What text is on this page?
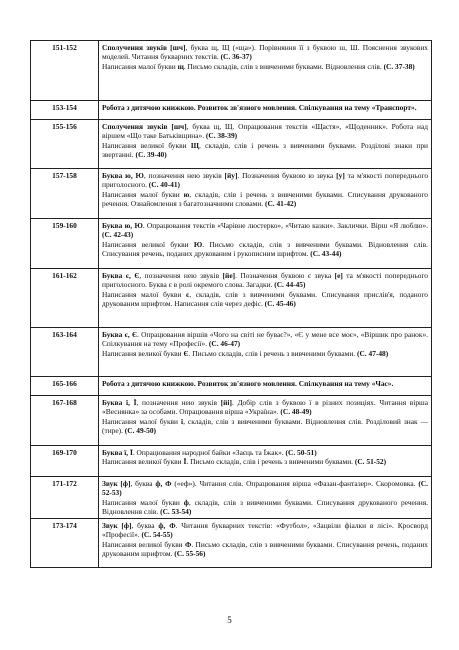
151-152	Сполучення звуків [шч], буква щ, Щ («ща»). Порівняння її з буквою ш, Ш. Пояснення звукових моделей. Читання букварних текстів. (С. 36-37)

Написання малої букви щ. Письмо складів, слів з вивченими буквами. Відновлення слів. (С. 37-38)

153-154	Робота з дитячою книжкою. Розвиток зв'язного мовлення. Спілкування на тему «Транспорт».

155-156	Сполучення звуків [шч], буква щ, Щ. Опрацювання текстів «Щастя», «Щоденник». Робота над віршем «Що таке Батьківщина». (С. 38-39)

Написання великої букви Щ, складів, слів і речень з вивченими буквами. Розділові знаки при звертанні. (С. 39-40)

157-158	Буква ю, Ю, позначення нею звуків [йу]. Позначення буквою ю звука [у] та м'якості попереднього приголосного. (С. 40-41)

Написання малої букви ю, складів, слів і речень з вивченими буквами. Списування друкованого речення. Ознайомлення з багатозначними словами. (С. 41-42)

159-160	Буква ю, Ю. Опрацювання текстів «Чарівне люстерко», «Читаю казки». Заклички. Вірш «Я люблю». (С. 42-43)

Написання великої букви Ю. Письмо складів, слів з вивченими буквами. Відновлення слів. Списування речень, поданих друкованим і рукописним шрифтом. (С. 43-44)

161-162	Буква є, Є, позначення нею звуків [йе]. Позначення буквою є звука [е] та м'якості попереднього приголосного. Буква є в ролі окремого слова. Загадки. (С. 44-45)

Написання малої букви є, складів, слів з вивченими буквами. Списування прислів'я, поданого друкованим шрифтом. Написання слів через дефіс. (С. 45-46)

163-164	Буква є, Є. Опрацювання віршів «Чого на світі не буває?», «Є у мене все моє», «Віршик про ранок». Спілкування на тему «Професії». (С. 46-47)

Написання великої букви Є. Письмо складів, слів і речень з вивченими буквами. (С. 47-48)

165-166	Робота з дитячою книжкою. Розвиток зв'язного мовлення. Спілкування на тему «Час».

167-168	Буква ї, Ї, позначення нею звуків [йі]. Добір слів з буквою ї в різних позиціях. Читання вірша «Веснянка» за особами. Опрацювання вірша «Україна». (С. 48-49)

Написання малої букви ї, складів, слів з вивченими буквами. Відновлення слів. Розділовий знак — (тире). (С. 49-50)

169-170	Буква ї, Ї. Опрацювання народної байки «Заєць та Їжак». (С. 50-51)

Написання великої букви Ї. Письмо складів, слів і речень з вивченими буквами. (С. 51-52)

171-172	Звук [ф], буква ф, Ф («еф»). Читання слів. Опрацювання вірша «Фазан-фантазер». Скоромовка. (С. 52-53)

Написання малої букви ф, складів, слів з вивченими буквами. Списування друкованого речення. Відновлення слів. (С. 53-54)

173-174	Звук [ф], буква ф, Ф. Читання букварних текстів: «Футбол», «Зацвіли фіалки в лісі». Кросворд «Професії». (С. 54-55)

Написання великої букви Ф. Письмо складів, слів з вивченими буквами. Списування речень, поданих друкованим шрифтом. (С. 55-56)

5
